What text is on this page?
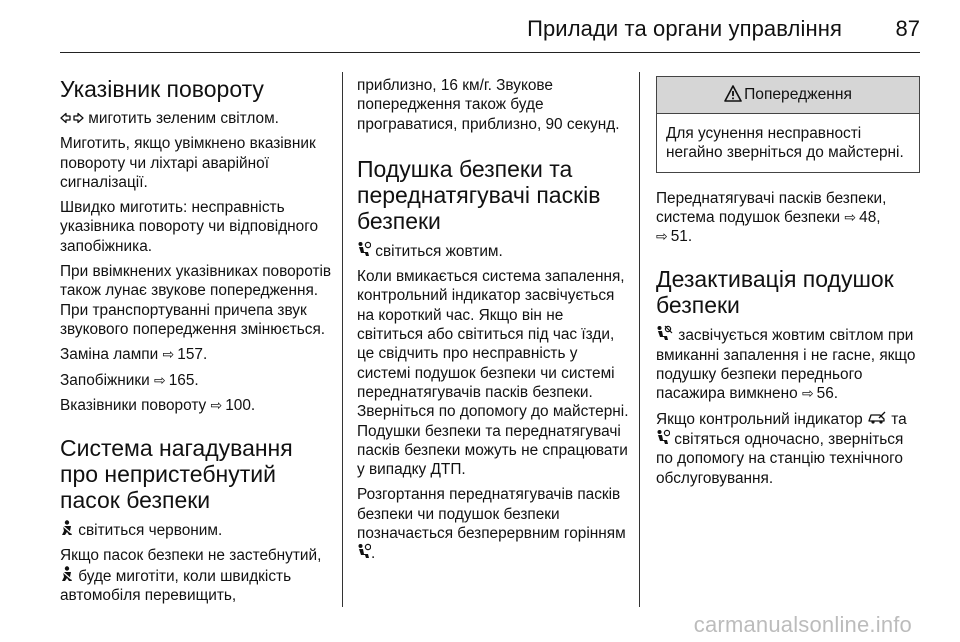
Прилади та органи управління 87
Указівник повороту

миготить зеленим світлом.

Миготить, якщо увімкнено вказівник повороту чи ліхтарі аварійної сигналізації.

Швидко миготить: несправність указівника повороту чи відповідного запобіжника.

При ввімкнених указівниках поворотів також лунає звукове попередження. При транспортуванні причепа звук звукового попередження змінюється.

Заміна лампи ⇨ 157.

Запобіжники ⇨ 165.

Вказівники повороту ⇨ 100.

Система нагадування про непристебнутий пасок безпеки

світиться червоним.

Якщо пасок безпеки не застебнутий,  буде миготіти, коли швидкість автомобіля перевищить,

приблизно, 16 км/г. Звукове попередження також буде програватися, приблизно, 90 секунд.

Подушка безпеки та переднатягувачі пасків безпеки

світиться жовтим.

Коли вмикається система запалення, контрольний індикатор засвічується на короткий час. Якщо він не світиться або світиться під час їзди, це свідчить про несправність у системі подушок безпеки чи системі переднатягувачів пасків безпеки. Зверніться по допомогу до майстерні. Подушки безпеки та переднатягувачі пасків безпеки можуть не спрацювати у випадку ДТП.

Розгортання переднатягувачів пасків безпеки чи подушок безпеки позначається безперервним горінням .

Попередження
Для усунення несправності негайно зверніться до майстерні.

Переднатягувачі пасків безпеки, система подушок безпеки ⇨ 48,
⇨ 51.

Дезактивація подушок безпеки

засвічується жовтим світлом при вмиканні запалення і не гасне, якщо подушку безпеки переднього пасажира вимкнено ⇨ 56.

Якщо контрольний індикатор та
світяться одночасно, зверніться по допомогу на станцію технічного обслуговування.

carmanualsonline.info
